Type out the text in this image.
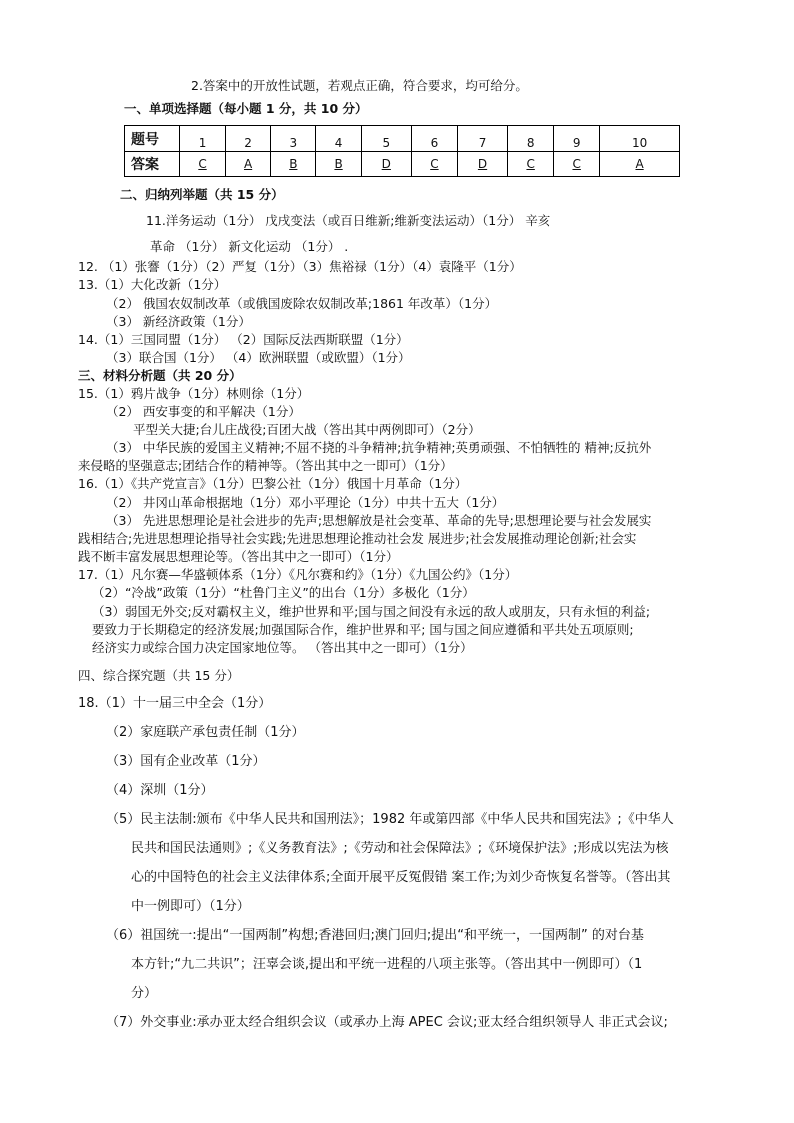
2.答案中的开放性试题，若观点正确，符合要求，均可给分。
一、单项选择题（每小题 1 分，共 10 分）
题号	1	2	3	4	5	6	7	8	9	10
答案	C	A	B	B	D	C	D	C	C	A
二、归纳列举题（共 15 分）
11.洋务运动（1分） 戊戌变法（或百日维新;维新变法运动）（1分） 辛亥
革命 （1分） 新文化运动 （1分） .
12. （1）张謇（1分）（2）严复（1分）（3）焦裕禄（1分）（4）袁隆平（1分）
13.（1）大化改新（1分）
（2） 俄国农奴制改革（或俄国废除农奴制改革;1861 年改革）（1分）
（3） 新经济政策（1分）
14.（1）三国同盟（1分） （2）国际反法西斯联盟（1分）
（3）联合国（1分） （4）欧洲联盟（或欧盟）（1分）
三、材料分析题（共 20 分）
15.（1）鸦片战争（1分）林则徐（1分）
（2） 西安事变的和平解决（1分）
平型关大捷;台儿庄战役;百团大战（答出其中两例即可）（2分）
（3） 中华民族的爱国主义精神;不屈不挠的斗争精神;抗争精神;英勇顽强、不怕牺牲的 精神;反抗外
来侵略的坚强意志;团结合作的精神等。（答出其中之一即可）（1分）
16.（1）《共产党宣言》（1分）巴黎公社（1分）俄国十月革命（1分）
（2） 井冈山革命根据地（1分）邓小平理论（1分）中共十五大（1分）
（3） 先进思想理论是社会进步的先声;思想解放是社会变革、革命的先导;思想理论要与社会发展实
践相结合;先进思想理论指导社会实践;先进思想理论推动社会发 展进步;社会发展推动理论创新;社会实
践不断丰富发展思想理论等。（答出其中之一即可）（1分）
17.（1）凡尔赛—华盛顿体系（1分）《凡尔赛和约》（1分）《九国公约》（1分）
（2）“冷战”政策（1分）“杜鲁门主义”的出台（1分）多极化（1分）
（3）弱国无外交;反对霸权主义，维护世界和平;国与国之间没有永远的敌人或朋友，只有永恒的利益;
要致力于长期稳定的经济发展;加强国际合作，维护世界和平; 国与国之间应遵循和平共处五项原则;
经济实力或综合国力决定国家地位等。 （答出其中之一即可）（1分）
四、综合探究题（共 15 分）
18.（1）十一届三中全会（1分）
（2）家庭联产承包责任制（1分）
（3）国有企业改革（1分）
（4）深圳（1分）
（5）民主法制:颁布《中华人民共和国刑法》；1982 年或第四部《中华人民共和国宪法》;《中华人
民共和国民法通则》;《义务教育法》;《劳动和社会保障法》;《环境保护法》;形成以宪法为核
心的中国特色的社会主义法律体系;全面开展平反冤假错 案工作;为刘少奇恢复名誉等。（答出其
中一例即可）（1分）
（6）祖国统一:提出“一国两制”构想;香港回归;澳门回归;提出“和平统一，一国两制” 的对台基
本方针;“九二共识”；汪辜会谈,提出和平统一进程的八项主张等。（答出其中一例即可）（1
分）
（7）外交事业:承办亚太经合组织会议（或承办上海 APEC 会议;亚太经合组织领导人 非正式会议;
